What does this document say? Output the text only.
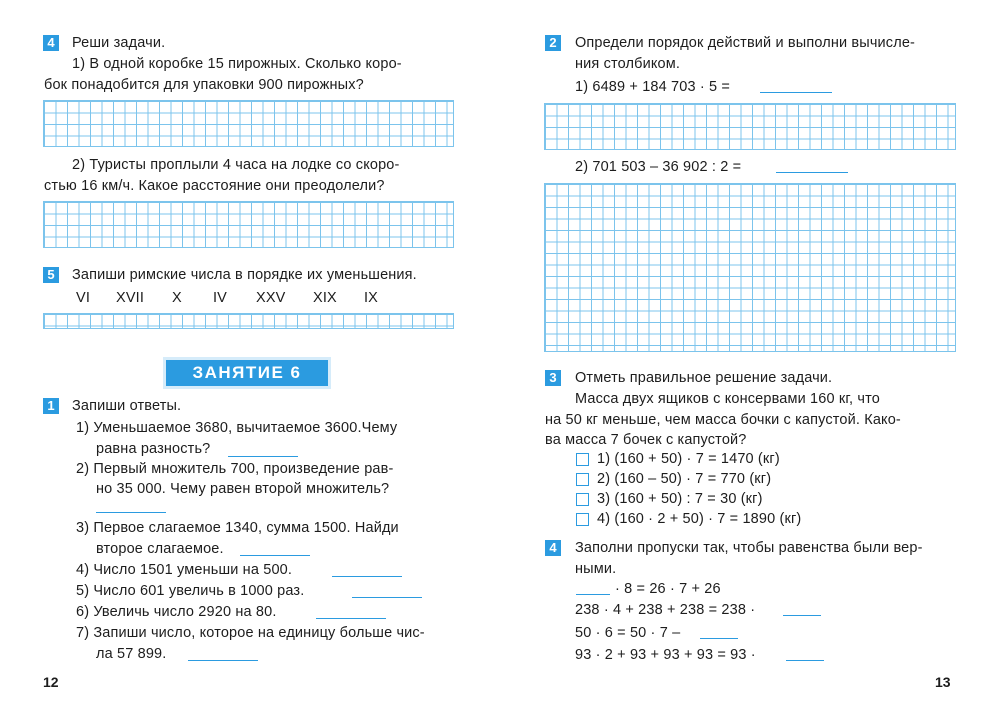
4	Реши задачи.
1) В одной коробке 15 пирожных. Сколько коро-
бок понадобится для упаковки 900 пирожных?
2) Туристы проплыли 4 часа на лодке со скоро-
стью 16 км/ч. Какое расстояние они преодолели?
5	Запиши римские числа в порядке их уменьшения.
VI XVII X IV XXV XIX IX
ЗАНЯТИЕ 6
1	Запиши ответы.
1) Уменьшаемое 3680, вычитаемое 3600.Чему
равна разность?
2) Первый множитель 700, произведение рав-
но 35 000. Чему равен второй множитель?
3) Первое слагаемое 1340, сумма 1500. Найди
второе слагаемое.
4) Число 1501 уменьши на 500.
5) Число 601 увеличь в 1000 раз.
6) Увеличь число 2920 на 80.
7) Запиши число, которое на единицу больше чис-
ла 57 899.
12
2	Определи порядок действий и выполни вычисле-
ния столбиком.
1) 6489 + 184 703 · 5 =
2) 701 503 – 36 902 : 2 =
3	Отметь правильное решение задачи.
Масса двух ящиков с консервами 160 кг, что
на 50 кг меньше, чем масса бочки с капустой. Како-
ва масса 7 бочек с капустой?
1) (160 + 50) · 7 = 1470 (кг)
2) (160 – 50) · 7 = 770 (кг)
3) (160 + 50) : 7 = 30 (кг)
4) (160 · 2 + 50) · 7 = 1890 (кг)
4	Заполни пропуски так, чтобы равенства были вер-
ными.
· 8 = 26 · 7 + 26
238 · 4 + 238 + 238 = 238 ·
50 · 6 = 50 · 7 –
93 · 2 + 93 + 93 + 93 = 93 ·
13
